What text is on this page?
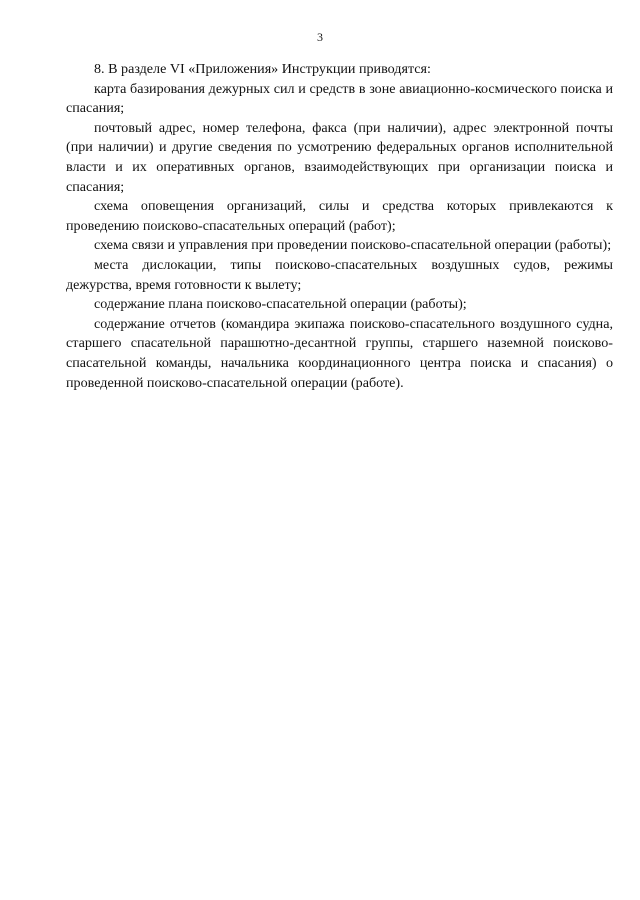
3

8. В разделе VI «Приложения» Инструкции приводятся:

карта базирования дежурных сил и средств в зоне авиационно-космического поиска и спасания;

почтовый адрес, номер телефона, факса (при наличии), адрес электронной почты (при наличии) и другие сведения по усмотрению федеральных органов исполнительной власти и их оперативных органов, взаимодействующих при организации поиска и спасания;

схема оповещения организаций, силы и средства которых привлекаются к проведению поисково-спасательных операций (работ);

схема связи и управления при проведении поисково-спасательной операции (работы);

места дислокации, типы поисково-спасательных воздушных судов, режимы дежурства, время готовности к вылету;

содержание плана поисково-спасательной операции (работы);

содержание отчетов (командира экипажа поисково-спасательного воздушного судна, старшего спасательной парашютно-десантной группы, старшего наземной поисково-спасательной команды, начальника координационного центра поиска и спасания) о проведенной поисково-спасательной операции (работе).
